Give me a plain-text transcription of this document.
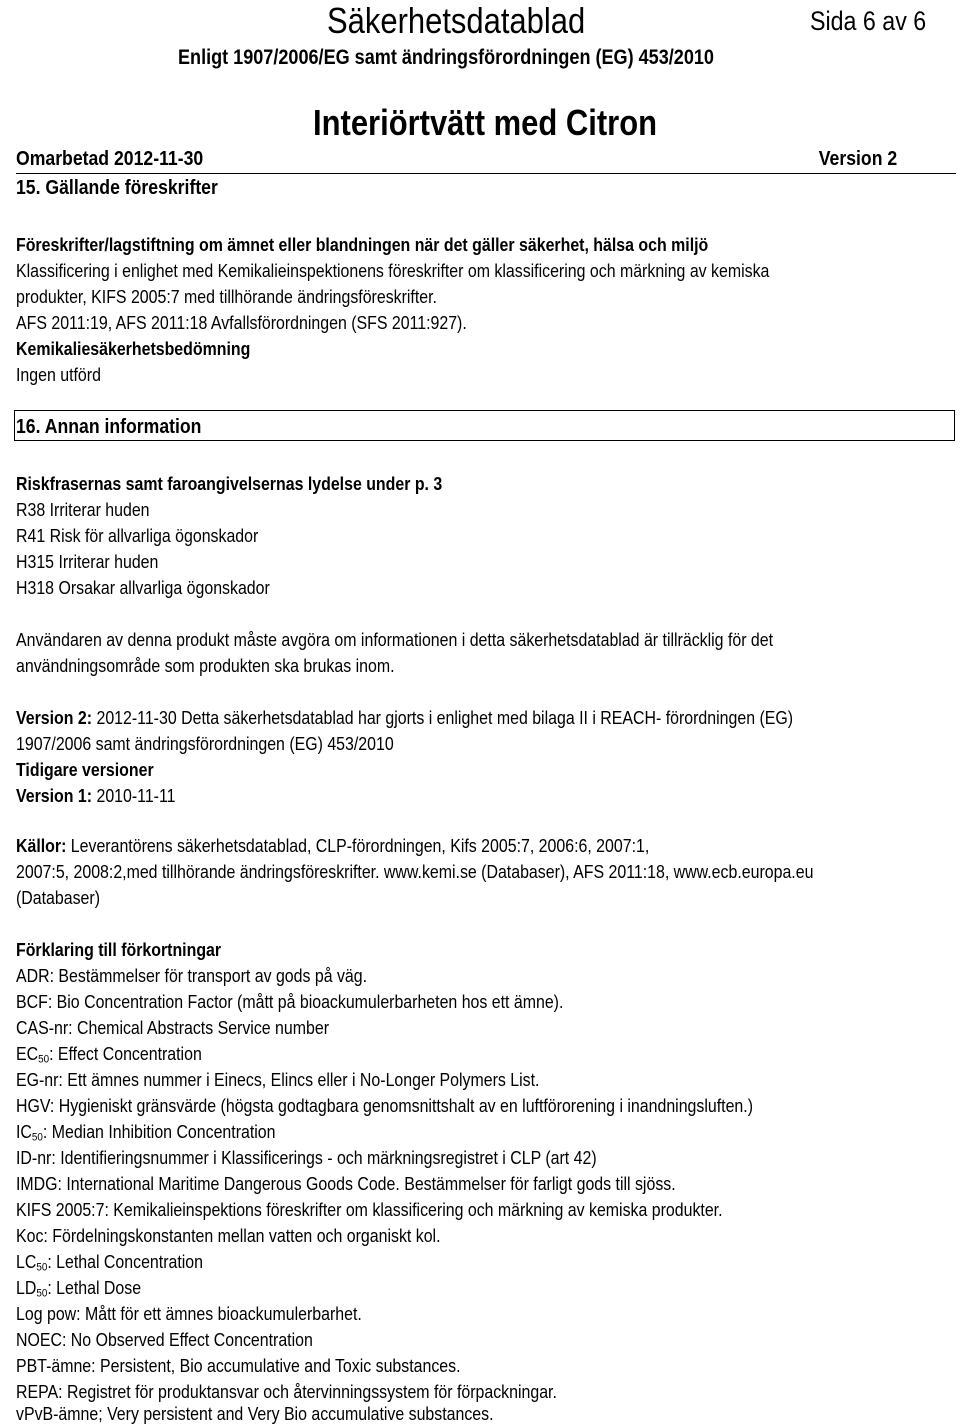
Säkerhetsdatablad	Sida 6 av 6
Enligt 1907/2006/EG samt ändringsförordningen (EG) 453/2010
Interiörtvätt med Citron
Omarbetad 2012-11-30	Version 2
15. Gällande föreskrifter
Föreskrifter/lagstiftning om ämnet eller blandningen när det gäller säkerhet, hälsa och miljö
Klassificering i enlighet med Kemikalieinspektionens föreskrifter om klassificering och märkning av kemiska
produkter, KIFS 2005:7 med tillhörande ändringsföreskrifter.
AFS 2011:19, AFS 2011:18 Avfallsförordningen (SFS 2011:927).
Kemikaliesäkerhetsbedömning
Ingen utförd
16. Annan information
Riskfrasernas samt faroangivelsernas lydelse under p. 3
R38 Irriterar huden
R41 Risk för allvarliga ögonskador
H315 Irriterar huden
H318 Orsakar allvarliga ögonskador
Användaren av denna produkt måste avgöra om informationen i detta säkerhetsdatablad är tillräcklig för det
användningsområde som produkten ska brukas inom.
Version 2: 2012-11-30 Detta säkerhetsdatablad har gjorts i enlighet med bilaga II i REACH- förordningen (EG)
1907/2006 samt ändringsförordningen (EG) 453/2010
Tidigare versioner
Version 1: 2010-11-11
Källor: Leverantörens säkerhetsdatablad, CLP-förordningen, Kifs 2005:7, 2006:6, 2007:1,
2007:5, 2008:2,med tillhörande ändringsföreskrifter. www.kemi.se (Databaser), AFS 2011:18, www.ecb.europa.eu
(Databaser)
Förklaring till förkortningar
ADR: Bestämmelser för transport av gods på väg.
BCF: Bio Concentration Factor (mått på bioackumulerbarheten hos ett ämne).
CAS-nr: Chemical Abstracts Service number
$EC_{50}$: Effect Concentration
EG-nr: Ett ämnes nummer i Einecs, Elincs eller i No-Longer Polymers List.
HGV: Hygieniskt gränsvärde (högsta godtagbara genomsnittshalt av en luftförorening i inandningsluften.)
$IC_{50}$: Median Inhibition Concentration
ID-nr: Identifieringsnummer i Klassificerings - och märkningsregistret i CLP (art 42)
IMDG: International Maritime Dangerous Goods Code. Bestämmelser för farligt gods till sjöss.
KIFS 2005:7: Kemikalieinspektions föreskrifter om klassificering och märkning av kemiska produkter.
Koc: Fördelningskonstanten mellan vatten och organiskt kol.
$LC_{50}$: Lethal Concentration
$LD_{50}$: Lethal Dose
Log pow: Mått för ett ämnes bioackumulerbarhet.
NOEC: No Observed Effect Concentration
PBT-ämne: Persistent, Bio accumulative and Toxic substances.
REPA: Registret för produktansvar och återvinningssystem för förpackningar.
vPvB-ämne; Very persistent and Very Bio accumulative substances.
